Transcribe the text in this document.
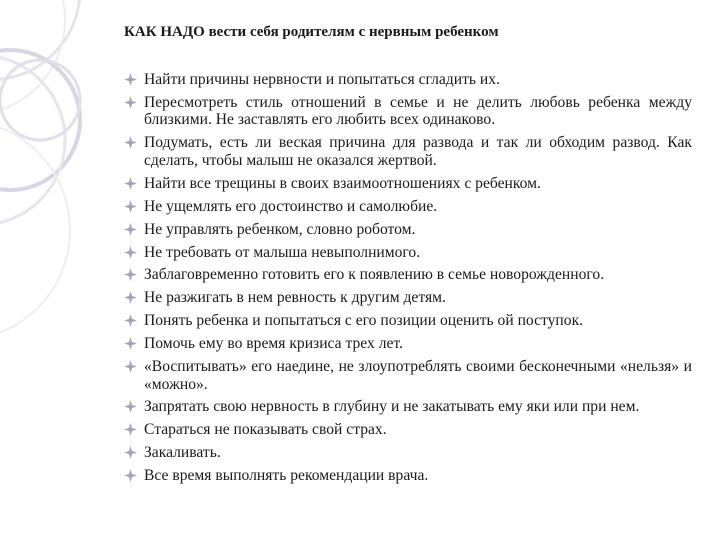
КАК НАДО вести себя родителям с нервным ребенком
Найти причины нервности и попытаться сгладить их.
Пересмотреть стиль отношений в семье и не делить любовь ребенка между близкими. Не заставлять его любить всех одинаково.
Подумать, есть ли веская причина для развода и так ли обходим развод. Как сделать, чтобы малыш не оказался жертвой.
Найти все трещины в своих взаимоотношениях с ребенком.
Не ущемлять его достоинство и самолюбие.
Не управлять ребенком, словно роботом.
Не требовать от малыша невыполнимого.
Заблаговременно готовить его к появлению в семье новорожденного.
Не разжигать в нем ревность к другим детям.
Понять ребенка и попытаться с его позиции оценить ой поступок.
Помочь ему во время кризиса трех лет.
«Воспитывать» его наедине, не злоупотреблять своими бесконечными «нельзя» и «можно».
Запрятать свою нервность в глубину и не закатывать ему яки или при нем.
Стараться не показывать свой страх.
Закаливать.
Все время выполнять рекомендации врача.
